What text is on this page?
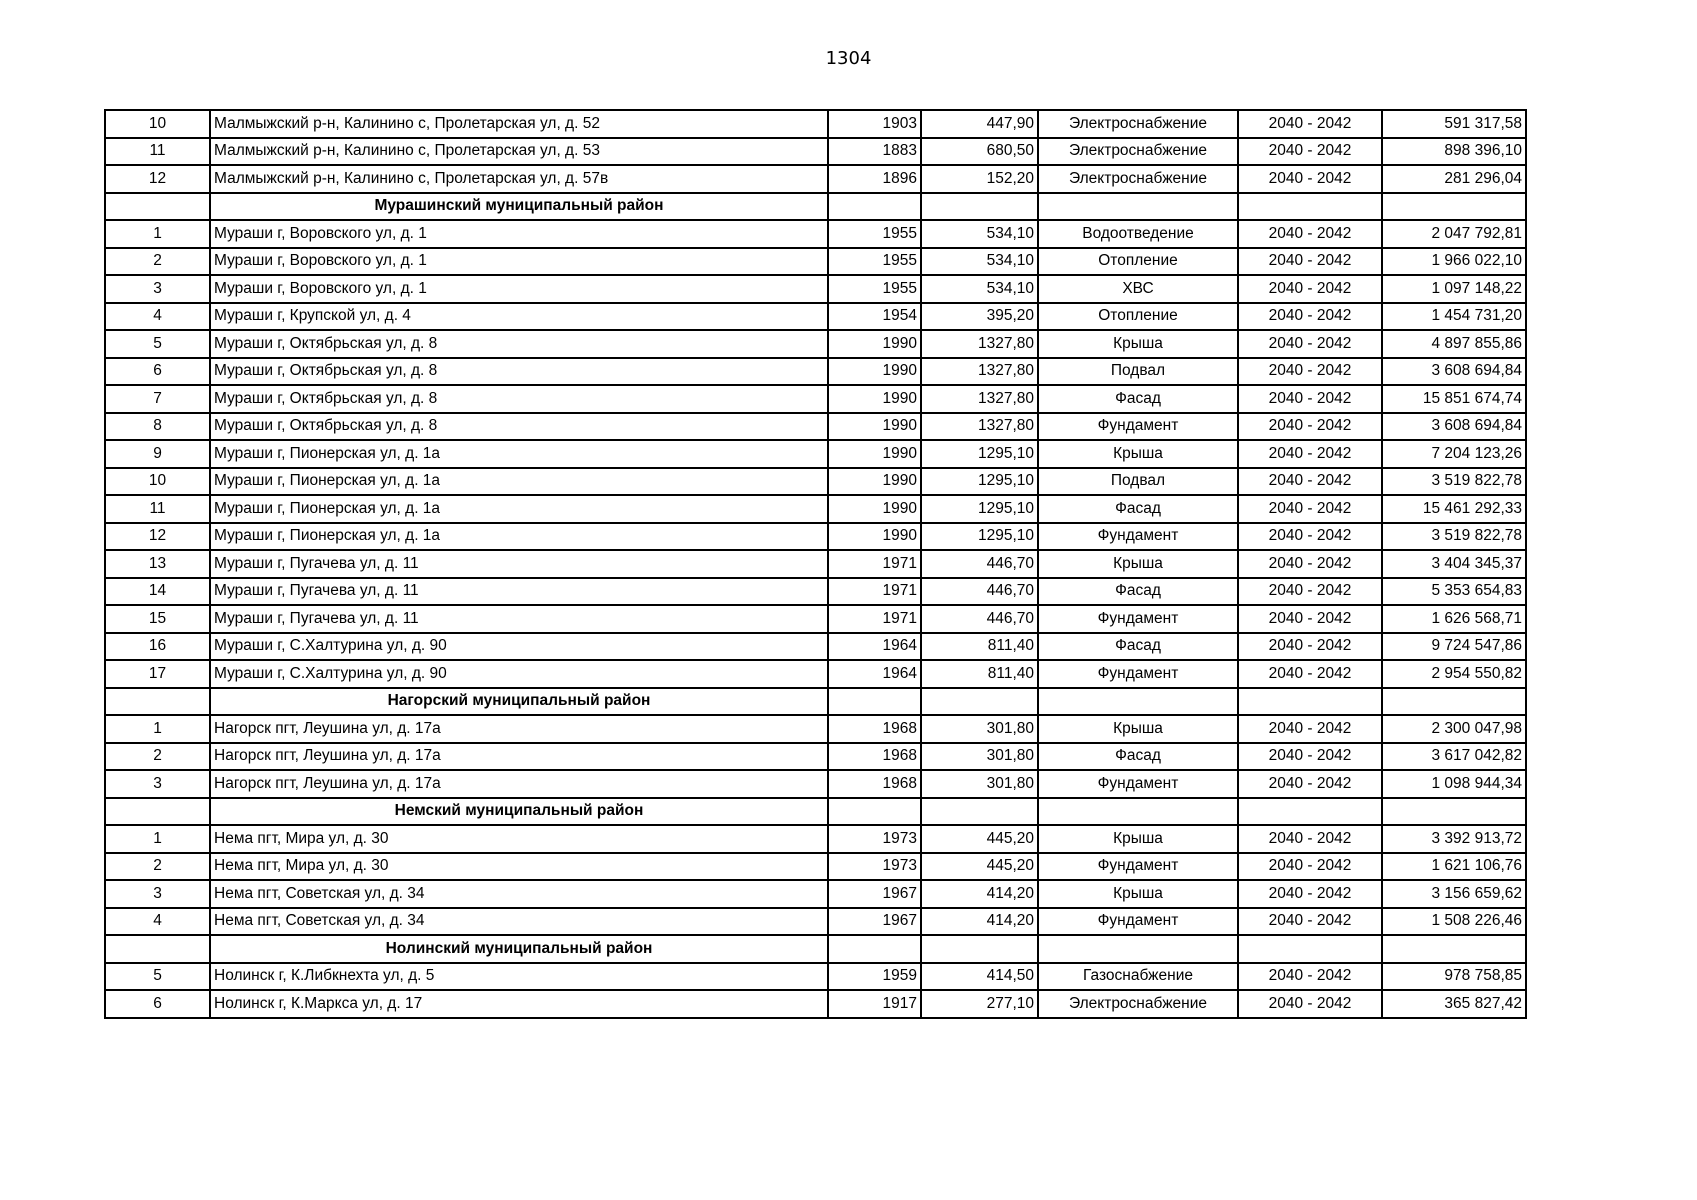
1304
10	Малмыжский р-н, Калинино с, Пролетарская ул, д. 52	1903	447,90	Электроснабжение	2040 - 2042	591 317,58
11	Малмыжский р-н, Калинино с, Пролетарская ул, д. 53	1883	680,50	Электроснабжение	2040 - 2042	898 396,10
12	Малмыжский р-н, Калинино с, Пролетарская ул, д. 57в	1896	152,20	Электроснабжение	2040 - 2042	281 296,04
	Мурашинский муниципальный район					
1	Мураши г, Воровского ул, д. 1	1955	534,10	Водоотведение	2040 - 2042	2 047 792,81
2	Мураши г, Воровского ул, д. 1	1955	534,10	Отопление	2040 - 2042	1 966 022,10
3	Мураши г, Воровского ул, д. 1	1955	534,10	ХВС	2040 - 2042	1 097 148,22
4	Мураши г, Крупской ул, д. 4	1954	395,20	Отопление	2040 - 2042	1 454 731,20
5	Мураши г, Октябрьская ул, д. 8	1990	1327,80	Крыша	2040 - 2042	4 897 855,86
6	Мураши г, Октябрьская ул, д. 8	1990	1327,80	Подвал	2040 - 2042	3 608 694,84
7	Мураши г, Октябрьская ул, д. 8	1990	1327,80	Фасад	2040 - 2042	15 851 674,74
8	Мураши г, Октябрьская ул, д. 8	1990	1327,80	Фундамент	2040 - 2042	3 608 694,84
9	Мураши г, Пионерская ул, д. 1а	1990	1295,10	Крыша	2040 - 2042	7 204 123,26
10	Мураши г, Пионерская ул, д. 1а	1990	1295,10	Подвал	2040 - 2042	3 519 822,78
11	Мураши г, Пионерская ул, д. 1а	1990	1295,10	Фасад	2040 - 2042	15 461 292,33
12	Мураши г, Пионерская ул, д. 1а	1990	1295,10	Фундамент	2040 - 2042	3 519 822,78
13	Мураши г, Пугачева ул, д. 11	1971	446,70	Крыша	2040 - 2042	3 404 345,37
14	Мураши г, Пугачева ул, д. 11	1971	446,70	Фасад	2040 - 2042	5 353 654,83
15	Мураши г, Пугачева ул, д. 11	1971	446,70	Фундамент	2040 - 2042	1 626 568,71
16	Мураши г, С.Халтурина ул, д. 90	1964	811,40	Фасад	2040 - 2042	9 724 547,86
17	Мураши г, С.Халтурина ул, д. 90	1964	811,40	Фундамент	2040 - 2042	2 954 550,82
	Нагорский муниципальный район					
1	Нагорск пгт, Леушина ул, д. 17а	1968	301,80	Крыша	2040 - 2042	2 300 047,98
2	Нагорск пгт, Леушина ул, д. 17а	1968	301,80	Фасад	2040 - 2042	3 617 042,82
3	Нагорск пгт, Леушина ул, д. 17а	1968	301,80	Фундамент	2040 - 2042	1 098 944,34
	Немский муниципальный район					
1	Нема пгт, Мира ул, д. 30	1973	445,20	Крыша	2040 - 2042	3 392 913,72
2	Нема пгт, Мира ул, д. 30	1973	445,20	Фундамент	2040 - 2042	1 621 106,76
3	Нема пгт, Советская ул, д. 34	1967	414,20	Крыша	2040 - 2042	3 156 659,62
4	Нема пгт, Советская ул, д. 34	1967	414,20	Фундамент	2040 - 2042	1 508 226,46
	Нолинский муниципальный район					
5	Нолинск г, К.Либкнехта ул, д. 5	1959	414,50	Газоснабжение	2040 - 2042	978 758,85
6	Нолинск г, К.Маркса ул, д. 17	1917	277,10	Электроснабжение	2040 - 2042	365 827,42
